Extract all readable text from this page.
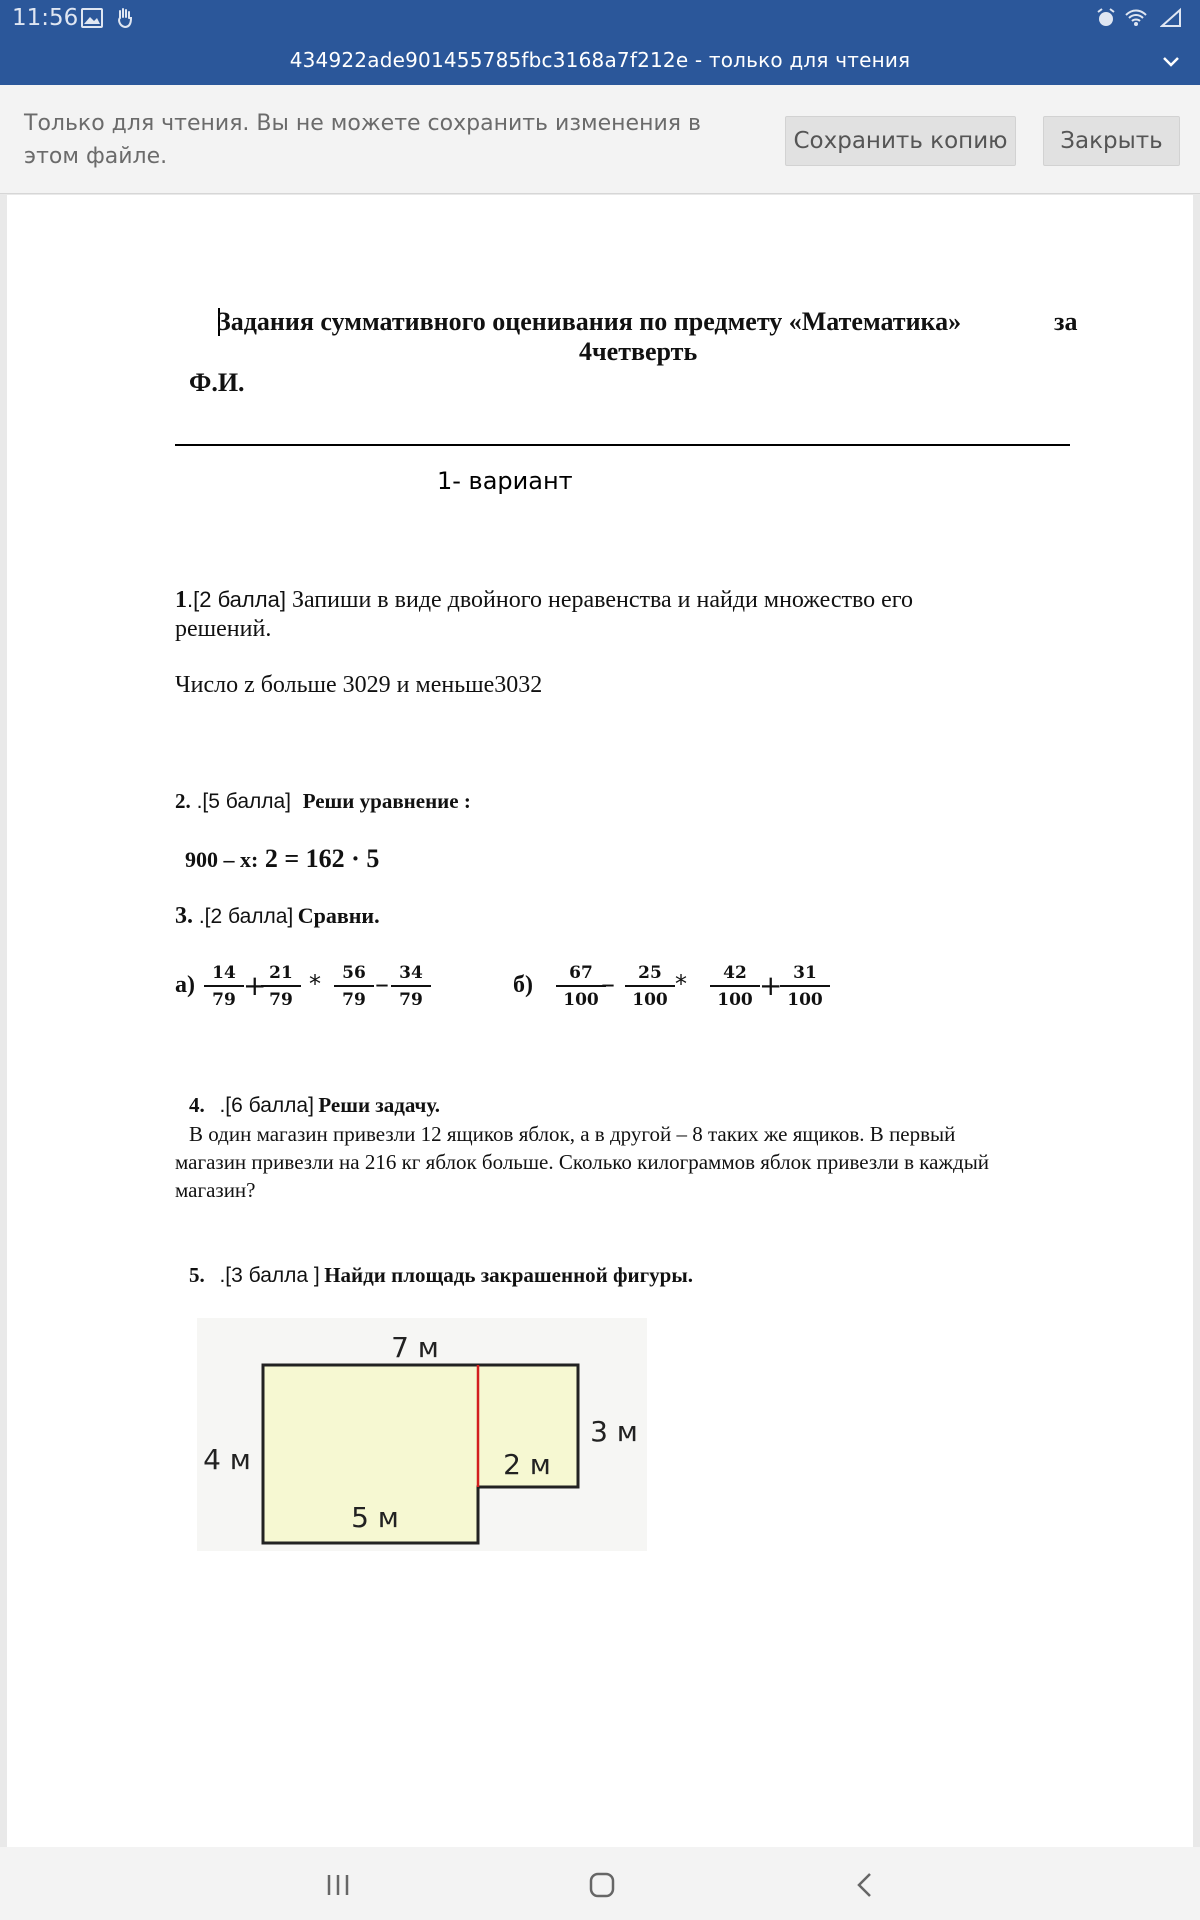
11:56
434922ade901455785fbc3168a7f212e - только для чтения
Только для чтения. Вы не можете сохранить изменения в этом файле.
Сохранить копию	Закрыть
Задания суммативного оценивания по предмету «Математика»	за
4четверть
Ф.И.
1- вариант
1.[2 балла] Запиши в виде двойного неравенства и найди множество его
решений.
Число z больше 3029 и меньше3032
2. .[5 балла] Реши уравнение :
900 – х: 2 = 162 · 5
3. .[2 балла] Сравни.
а)	б)
$\frac{14}{79}$ +
$\frac{21}{79} * \frac{56}{79} - \frac{34}{79}$	$\frac{67}{100}$
– $\frac{25}{100} * \frac{42}{100}$ +
$\frac{31}{100}$
4.   .[6 балла] Реши задачу.
В один магазин привезли 12 ящиков яблок, а в другой – 8 таких же ящиков. В первый
магазин привезли на 216 кг яблок больше. Сколько килограммов яблок привезли в каждый
магазин?
5.   .[3 балла ] Найди площадь закрашенной фигуры.
7 м
4 м
3 м
2 м
5 м
